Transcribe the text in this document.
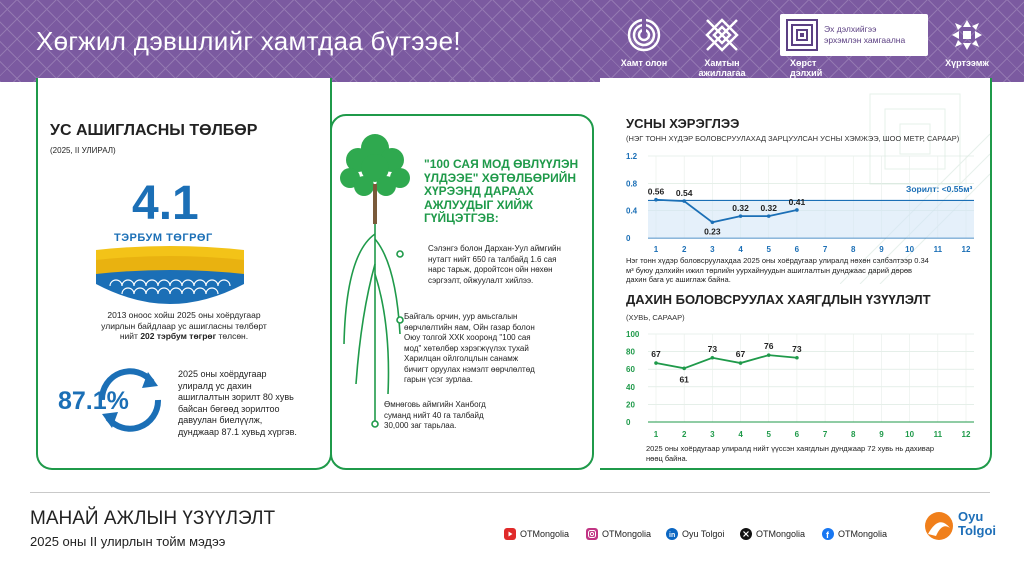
Хөгжил дэвшлийг хамтдаа бүтээе!
Хамт олон	Хамтын ажиллагаа
Эх дэлхийгээ
эрхэмлэн хамгаална
Хөрст дэлхий
Хүртээмж
УС АШИГЛАСНЫ ТӨЛБӨР
(2025, II УЛИРАЛ)
4.1
ТЭРБУМ ТӨГРӨГ
2013 оноос хойш 2025 оны хоёрдугаар
улирлын байдлаар ус ашигласны төлбөрт
нийт 202 тэрбум төгрөг төлсөн.
87.1%
2025 оны хоёрдугаар
улиралд ус дахин
ашиглалтын зорилт 80 хувь
байсан бөгөөд зорилтоо
давуулан биелүүлж,
дунджаар 87.1 хувьд хүргэв.
"100 САЯ МОД ӨВЛҮҮЛЭН
ҮЛДЭЭЕ" ХӨТӨЛБӨРИЙН
ХҮРЭЭНД ДАРААХ
АЖЛУУДЫГ ХИЙЖ
ГҮЙЦЭТГЭВ:
Сэлэнгэ болон Дархан-Уул аймгийн
нутагт нийт 650 га талбайд 1.6 сая
нарс тарьж, доройтсон ойн нөхөн
сэргээлт, ойжуулалт хийлээ.
Байгаль орчин, уур амьсгалын
өөрчлөлтийн яам, Ойн газар болон
Оюу толгой ХХК хооронд "100 сая
мод" хөтөлбөр хэрэгжүүлэх тухай
Харилцан ойлголцлын санамж
бичигт оруулах нэмэлт өөрчлөлтөд
гарын үсэг зурлаа.
Өмнөговь аймгийн Ханбогд
суманд нийт 40 га талбайд
30,000 заг тарьлаа.
УСНЫ ХЭРЭГЛЭЭ
(НЭГ ТОНН ХҮДЭР БОЛОВСРУУЛАХАД ЗАРЦУУЛСАН УСНЫ ХЭМЖЭЭ, ШОО МЕТР, САРААР)
0
0.4
0.8
1.2
0.56 0.54
0.23
0.32 0.32
0.41
1	2	3	4	5	6	7	8	9	10 11 12
Зорилт: <0.55м³
Нэг тонн хүдэр боловсруулахдаа 2025 оны хоёрдугаар улиралд нөхөн сэлбэлтээр 0.34
м³ буюу дэлхийн ижил төрлийн уурхайнуудын ашиглалтын дунджаас дарий дөрөв
дахин бага ус ашиглаж байна.
ДАХИН БОЛОВСРУУЛАХ ХАЯГДЛЫН ҮЗҮҮЛЭЛТ
(ХУВЬ, САРААР)
0
20
40
60
80
100
67
61
73
67
76 73
1	2	3	4	5	6	7	8	9	10 11 12
2025 оны хоёрдугаар улиралд нийт үүссэн хаягдлын дунджаар 72 хувь нь дахивар
нөөц байна.
МАНАЙ АЖЛЫН ҮЗҮҮЛЭЛТ
2025 оны II улирлын тойм мэдээ	OTMongolia	OTMongolia	in Oyu Tolgoi	OTMongolia f OTMongolia
Oyu
Tolgoi
